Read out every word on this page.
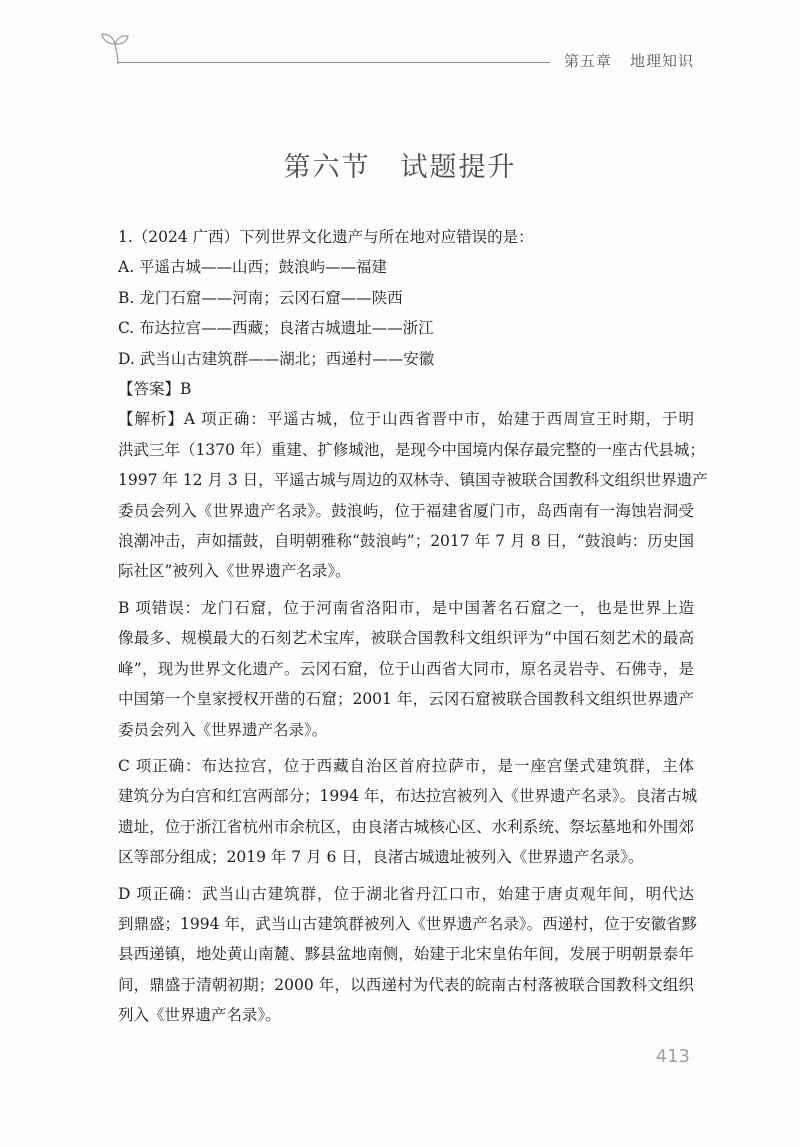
第五章 地理知识
第六节 试题提升
1.（2024 广西）下列世界文化遗产与所在地对应错误的是：
A. 平遥古城——山西；鼓浪屿——福建
B. 龙门石窟——河南；云冈石窟——陕西
C. 布达拉宫——西藏；良渚古城遗址——浙江
D. 武当山古建筑群——湖北；西递村——安徽
【答案】B
【解析】A 项正确：平遥古城，位于山西省晋中市，始建于西周宣王时期，于明
洪武三年（1370 年）重建、扩修城池，是现今中国境内保存最完整的一座古代县城；
1997 年 12 月 3 日，平遥古城与周边的双林寺、镇国寺被联合国教科文组织世界遗产
委员会列入《世界遗产名录》。鼓浪屿，位于福建省厦门市，岛西南有一海蚀岩洞受
浪潮冲击，声如擂鼓，自明朝雅称“鼓浪屿”；2017 年 7 月 8 日，“鼓浪屿：历史国
际社区”被列入《世界遗产名录》。
B 项错误：龙门石窟，位于河南省洛阳市，是中国著名石窟之一，也是世界上造
像最多、规模最大的石刻艺术宝库，被联合国教科文组织评为“中国石刻艺术的最高
峰”，现为世界文化遗产。云冈石窟，位于山西省大同市，原名灵岩寺、石佛寺，是
中国第一个皇家授权开凿的石窟；2001 年，云冈石窟被联合国教科文组织世界遗产
委员会列入《世界遗产名录》。
C 项正确：布达拉宫，位于西藏自治区首府拉萨市，是一座宫堡式建筑群，主体
建筑分为白宫和红宫两部分；1994 年，布达拉宫被列入《世界遗产名录》。良渚古城
遗址，位于浙江省杭州市余杭区，由良渚古城核心区、水利系统、祭坛墓地和外围郊
区等部分组成；2019 年 7 月 6 日，良渚古城遗址被列入《世界遗产名录》。
D 项正确：武当山古建筑群，位于湖北省丹江口市，始建于唐贞观年间，明代达
到鼎盛；1994 年，武当山古建筑群被列入《世界遗产名录》。西递村，位于安徽省黟
县西递镇，地处黄山南麓、黟县盆地南侧，始建于北宋皇佑年间，发展于明朝景泰年
间，鼎盛于清朝初期；2000 年，以西递村为代表的皖南古村落被联合国教科文组织
列入《世界遗产名录》。
413
